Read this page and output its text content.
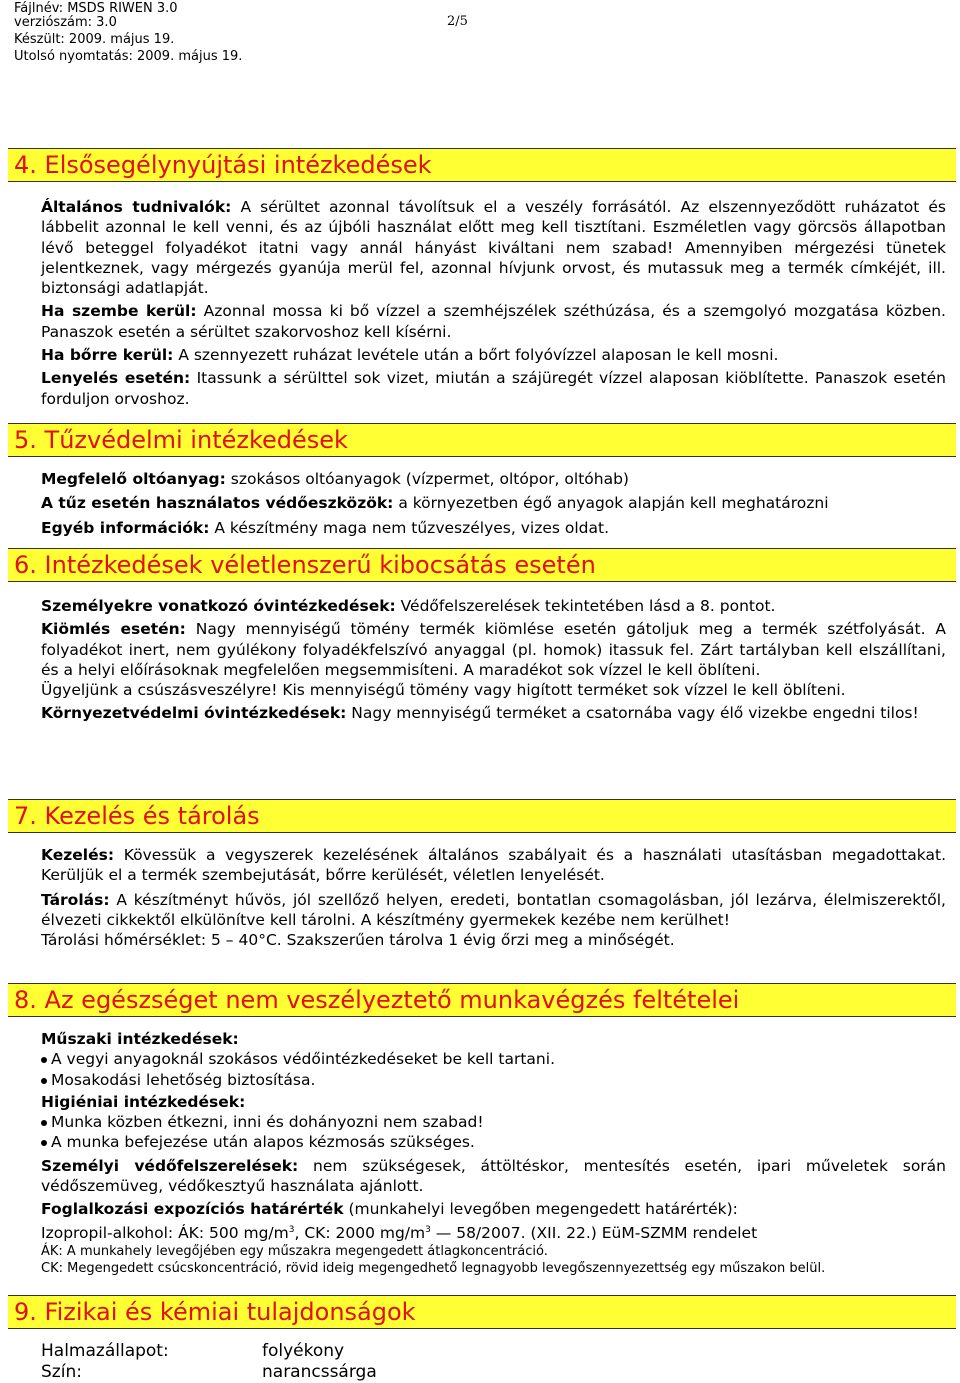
Fájlnév: MSDS RIWEN 3.0
verziószám: 3.0	2/5
Készült: 2009. május 19.
Utolsó nyomtatás: 2009. május 19.
4. Elsősegélynyújtási intézkedések

Általános tudnivalók: A sérültet azonnal távolítsuk el a veszély forrásától. Az elszennyeződött ruházatot és lábbelit azonnal le kell venni, és az újbóli használat előtt meg kell tisztítani. Eszméletlen vagy görcsös állapotban lévő beteggel folyadékot itatni vagy annál hányást kiváltani nem szabad! Amennyiben mérgezési tünetek jelentkeznek, vagy mérgezés gyanúja merül fel, azonnal hívjunk orvost, és mutassuk meg a termék címkéjét, ill. biztonsági adatlapját.

Ha szembe kerül: Azonnal mossa ki bő vízzel a szemhéjszélek széthúzása, és a szemgolyó mozgatása közben. Panaszok esetén a sérültet szakorvoshoz kell kísérni.

Ha bőrre kerül: A szennyezett ruházat levétele után a bőrt folyóvízzel alaposan le kell mosni.

Lenyelés esetén: Itassunk a sérülttel sok vizet, miután a szájüregét vízzel alaposan kiöblítette. Panaszok esetén forduljon orvoshoz.

5. Tűzvédelmi intézkedések

Megfelelő oltóanyag: szokásos oltóanyagok (vízpermet, oltópor, oltóhab)

A tűz esetén használatos védőeszközök: a környezetben égő anyagok alapján kell meghatározni

Egyéb információk: A készítmény maga nem tűzveszélyes, vizes oldat.

6. Intézkedések véletlenszerű kibocsátás esetén

Személyekre vonatkozó óvintézkedések: Védőfelszerelések tekintetében lásd a 8. pontot.

Kiömlés esetén: Nagy mennyiségű tömény termék kiömlése esetén gátoljuk meg a termék szétfolyását. A folyadékot inert, nem gyúlékony folyadékfelszívó anyaggal (pl. homok) itassuk fel. Zárt tartályban kell elszállítani, és a helyi előírásoknak megfelelően megsemmisíteni. A maradékot sok vízzel le kell öblíteni.

Ügyeljünk a csúszásveszélyre! Kis mennyiségű tömény vagy higított terméket sok vízzel le kell öblíteni.

Környezetvédelmi óvintézkedések: Nagy mennyiségű terméket a csatornába vagy élő vizekbe engedni tilos!

7. Kezelés és tárolás

Kezelés: Kövessük a vegyszerek kezelésének általános szabályait és a használati utasításban megadottakat. Kerüljük el a termék szembejutását, bőrre kerülését, véletlen lenyelését.

Tárolás: A készítményt hűvös, jól szellőző helyen, eredeti, bontatlan csomagolásban, jól lezárva, élelmiszerektől, élvezeti cikkektől elkülönítve kell tárolni. A készítmény gyermekek kezébe nem kerülhet!

Tárolási hőmérséklet: 5 – 40°C. Szakszerűen tárolva 1 évig őrzi meg a minőségét.

8. Az egészséget nem veszélyeztető munkavégzés feltételei

Műszaki intézkedések:

A vegyi anyagoknál szokásos védőintézkedéseket be kell tartani.

Mosakodási lehetőség biztosítása.

Higiéniai intézkedések:

Munka közben étkezni, inni és dohányozni nem szabad!

A munka befejezése után alapos kézmosás szükséges.

Személyi védőfelszerelések: nem szükségesek, áttöltéskor, mentesítés esetén, ipari műveletek során védőszemüveg, védőkesztyű használata ajánlott.

Foglalkozási expozíciós határérték (munkahelyi levegőben megengedett határérték):

Izopropil-alkohol: ÁK: 500 $mg/m^3$, CK: 2000 $mg/m^3$ — 58/2007. (XII. 22.) EüM-SZMM rendelet

ÁK: A munkahely levegőjében egy műszakra megengedett átlagkoncentráció.

CK: Megengedett csúcskoncentráció, rövid ideig megengedhető legnagyobb levegőszennyezettség egy műszakon belül.

9. Fizikai és kémiai tulajdonságok
Halmazállapot:	folyékony
Szín:	narancssárga
